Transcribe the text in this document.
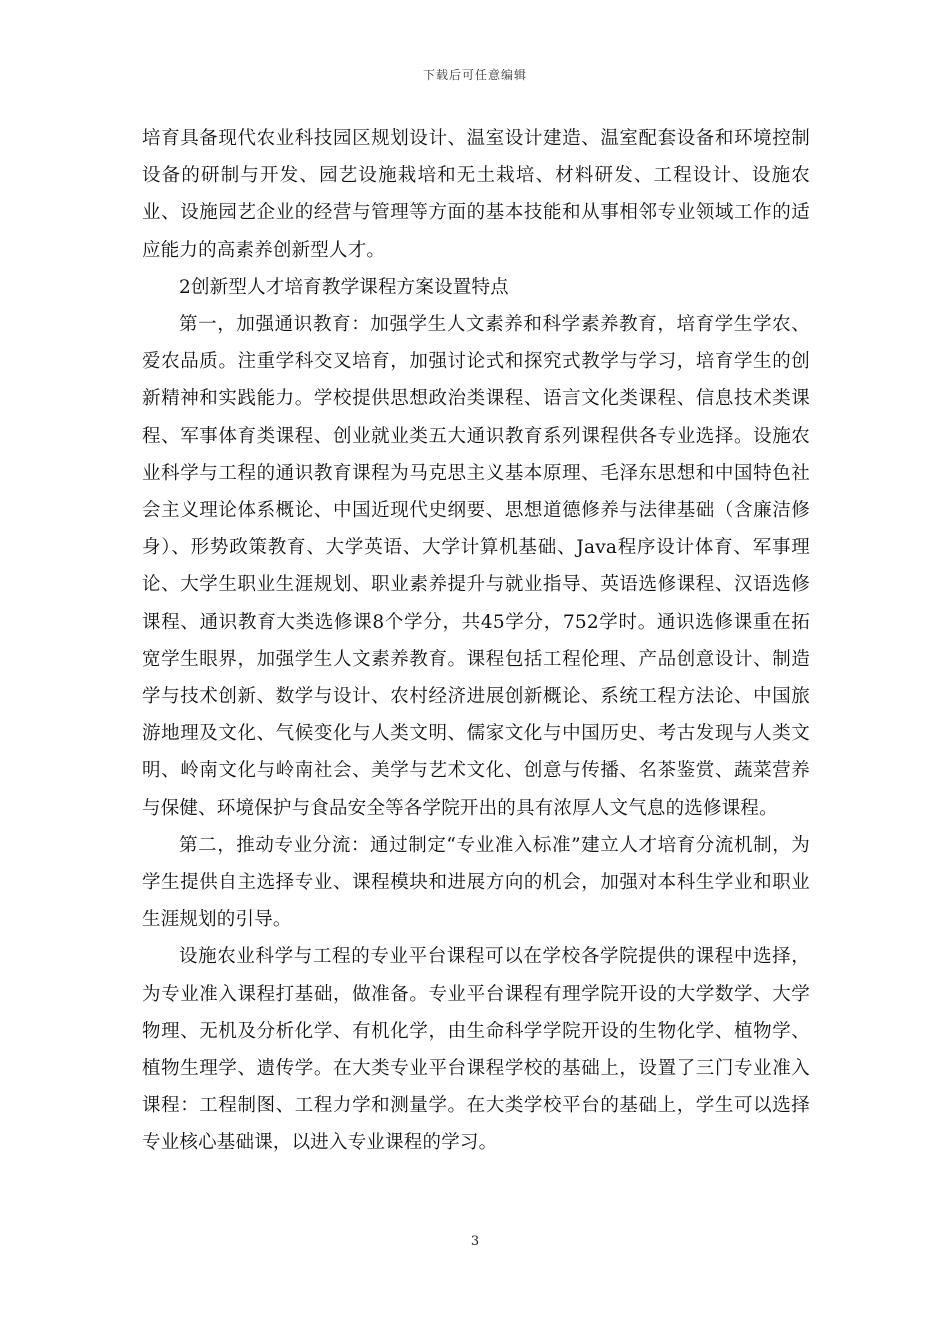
下载后可任意编辑

培育具备现代农业科技园区规划设计、温室设计建造、温室配套设备和环境控制设备的研制与开发、园艺设施栽培和无土栽培、材料研发、工程设计、设施农业、设施园艺企业的经营与管理等方面的基本技能和从事相邻专业领域工作的适应能力的高素养创新型人才。

2创新型人才培育教学课程方案设置特点

第一，加强通识教育：加强学生人文素养和科学素养教育，培育学生学农、爱农品质。注重学科交叉培育，加强讨论式和探究式教学与学习，培育学生的创新精神和实践能力。学校提供思想政治类课程、语言文化类课程、信息技术类课程、军事体育类课程、创业就业类五大通识教育系列课程供各专业选择。设施农业科学与工程的通识教育课程为马克思主义基本原理、毛泽东思想和中国特色社会主义理论体系概论、中国近现代史纲要、思想道德修养与法律基础（含廉洁修身）、形势政策教育、大学英语、大学计算机基础、Java程序设计体育、军事理论、大学生职业生涯规划、职业素养提升与就业指导、英语选修课程、汉语选修课程、通识教育大类选修课8个学分，共45学分，752学时。通识选修课重在拓宽学生眼界，加强学生人文素养教育。课程包括工程伦理、产品创意设计、制造学与技术创新、数学与设计、农村经济进展创新概论、系统工程方法论、中国旅游地理及文化、气候变化与人类文明、儒家文化与中国历史、考古发现与人类文明、岭南文化与岭南社会、美学与艺术文化、创意与传播、名茶鉴赏、蔬菜营养与保健、环境保护与食品安全等各学院开出的具有浓厚人文气息的选修课程。

第二，推动专业分流：通过制定“专业准入标准”建立人才培育分流机制，为学生提供自主选择专业、课程模块和进展方向的机会，加强对本科生学业和职业生涯规划的引导。

设施农业科学与工程的专业平台课程可以在学校各学院提供的课程中选择，为专业准入课程打基础，做准备。专业平台课程有理学院开设的大学数学、大学物理、无机及分析化学、有机化学，由生命科学学院开设的生物化学、植物学、植物生理学、遗传学。在大类专业平台课程学校的基础上，设置了三门专业准入课程：工程制图、工程力学和测量学。在大类学校平台的基础上，学生可以选择专业核心基础课，以进入专业课程的学习。

3
